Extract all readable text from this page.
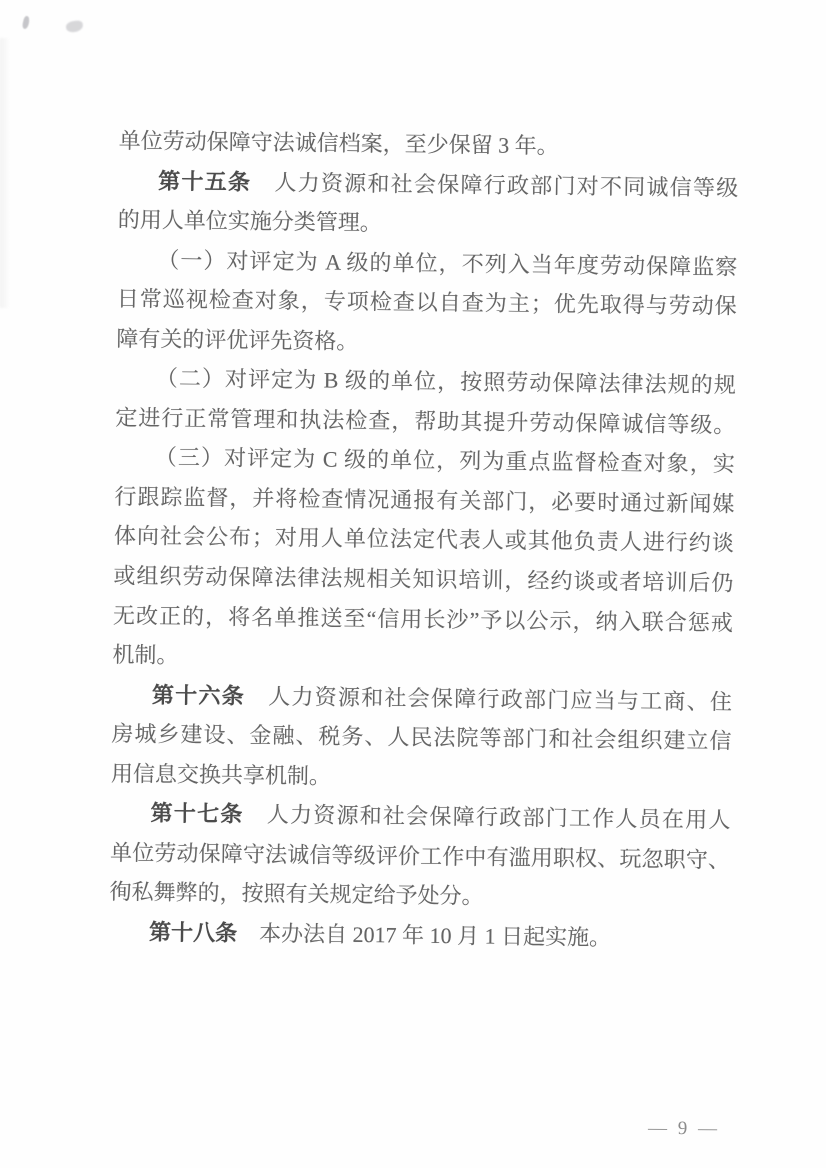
单位劳动保障守法诚信档案，至少保留 3 年。
第十五条　人力资源和社会保障行政部门对不同诚信等级
的用人单位实施分类管理。
（一）对评定为 A 级的单位，不列入当年度劳动保障监察
日常巡视检查对象，专项检查以自查为主；优先取得与劳动保
障有关的评优评先资格。
（二）对评定为 B 级的单位，按照劳动保障法律法规的规
定进行正常管理和执法检查，帮助其提升劳动保障诚信等级。
（三）对评定为 C 级的单位，列为重点监督检查对象，实
行跟踪监督，并将检查情况通报有关部门，必要时通过新闻媒
体向社会公布；对用人单位法定代表人或其他负责人进行约谈
或组织劳动保障法律法规相关知识培训，经约谈或者培训后仍
无改正的，将名单推送至“信用长沙”予以公示，纳入联合惩戒
机制。
第十六条　人力资源和社会保障行政部门应当与工商、住
房城乡建设、金融、税务、人民法院等部门和社会组织建立信
用信息交换共享机制。
第十七条　人力资源和社会保障行政部门工作人员在用人
单位劳动保障守法诚信等级评价工作中有滥用职权、玩忽职守、
徇私舞弊的，按照有关规定给予处分。
第十八条　本办法自 2017 年 10 月 1 日起实施。
— 9 —
